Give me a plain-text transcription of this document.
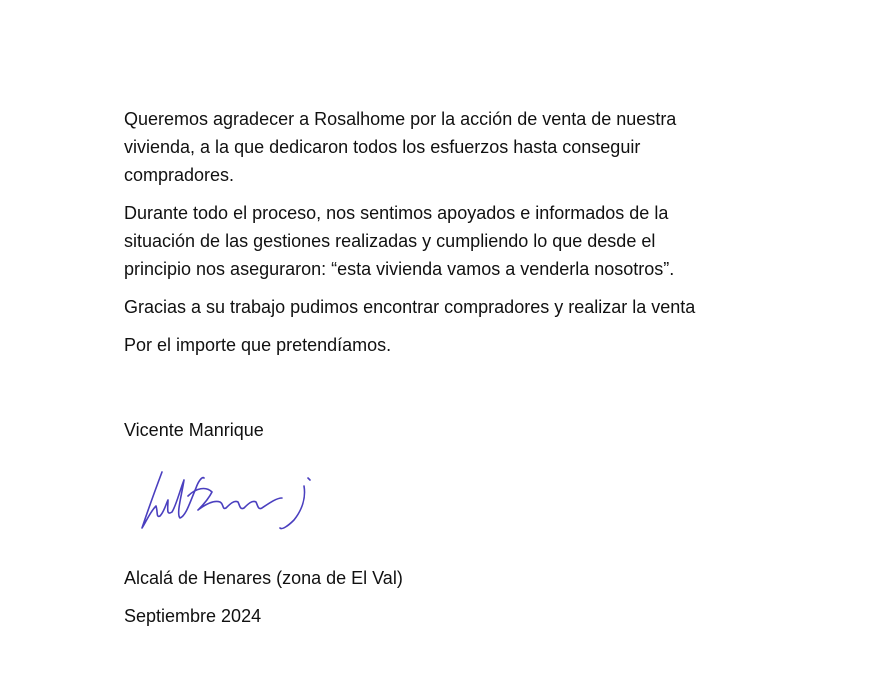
Queremos agradecer a Rosalhome por la acción de venta de nuestra
vivienda, a la que dedicaron todos los esfuerzos hasta conseguir
compradores.

Durante todo el proceso, nos sentimos apoyados e informados de la
situación de las gestiones realizadas y cumpliendo lo que desde el
principio nos aseguraron: “esta vivienda vamos a venderla nosotros”.

Gracias a su trabajo pudimos encontrar compradores y realizar la venta

Por el importe que pretendíamos.

Vicente Manrique

Alcalá de Henares (zona de El Val)

Septiembre 2024
